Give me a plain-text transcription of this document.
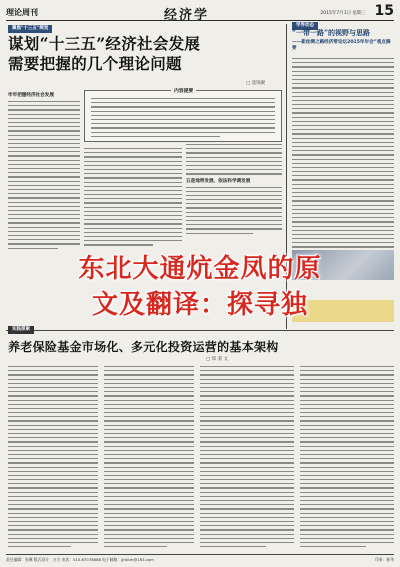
理论周刊	经济学	2015年7月1日 星期三 15
聚焦"十三五"规划
谋划“十三五”经济社会发展
需要把握的几个理论问题
□ 逄锦聚
内容提要
牢牢把握经济社会发展
五是地带发展、依法科学调发展
学界动态
“一带一路”的视野与思路
——新丝绸之路经济带论坛2015年年会”观点摘要
实践探索
养老保险基金市场化、多元化投资运营的基本架构
□ 郑 秉 文
东北大通炕金凤的原
文及翻译：探寻独
责任编辑：张琳 版式设计：万方 电话：010-67078688 电子邮箱：jjrbllzk@163.com	印务：新华
